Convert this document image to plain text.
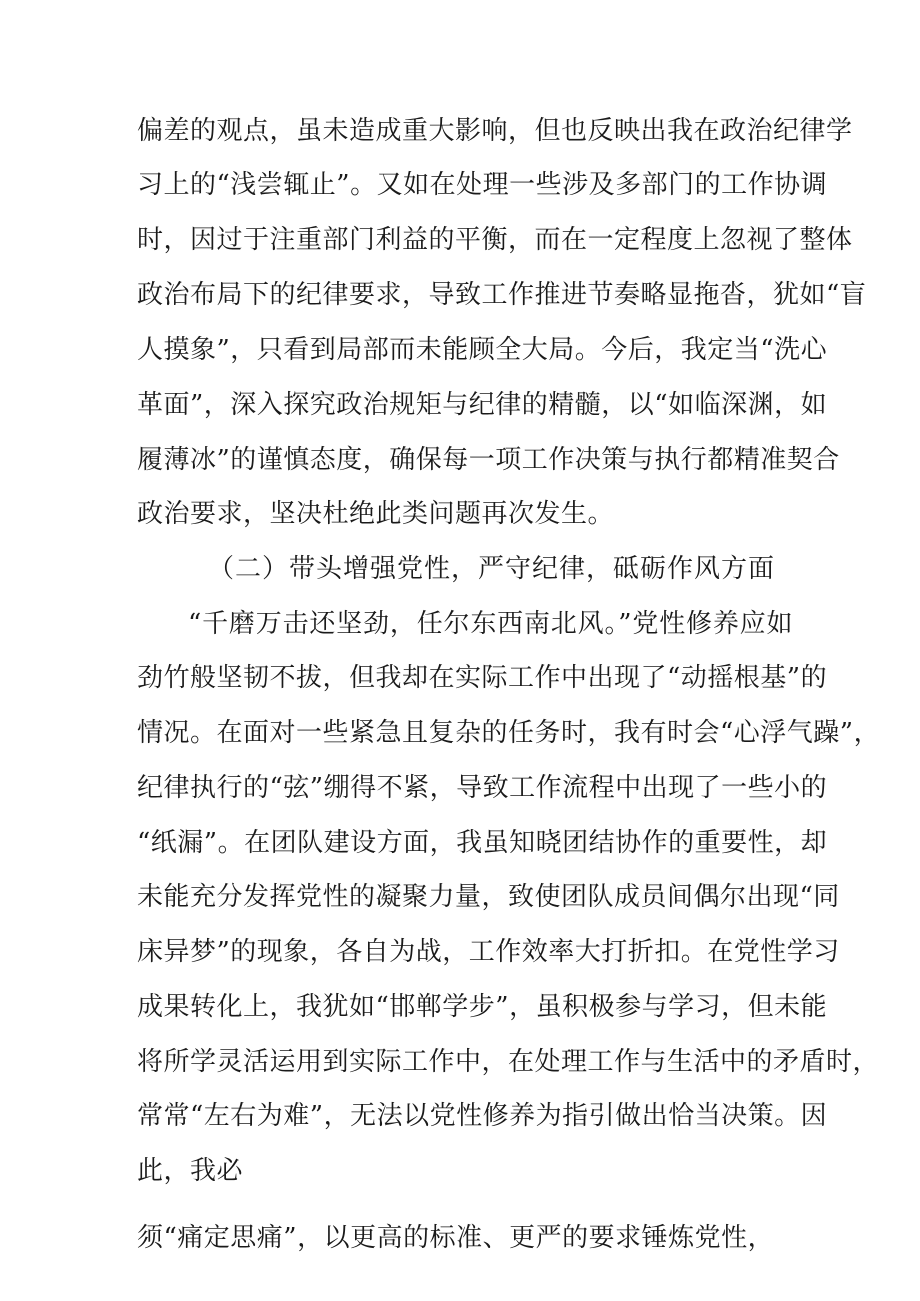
偏差的观点，虽未造成重大影响，但也反映出我在政治纪律学
习上的“浅尝辄止”。又如在处理一些涉及多部门的工作协调
时，因过于注重部门利益的平衡，而在一定程度上忽视了整体
政治布局下的纪律要求，导致工作推进节奏略显拖沓，犹如“盲
人摸象”，只看到局部而未能顾全大局。今后，我定当“洗心
革面”，深入探究政治规矩与纪律的精髓，以“如临深渊，如
履薄冰”的谨慎态度，确保每一项工作决策与执行都精准契合
政治要求，坚决杜绝此类问题再次发生。
（二）带头增强党性，严守纪律，砥砺作风方面
“千磨万击还坚劲，任尔东西南北风。”党性修养应如
劲竹般坚韧不拔，但我却在实际工作中出现了“动摇根基”的
情况。在面对一些紧急且复杂的任务时，我有时会“心浮气躁”，
纪律执行的“弦”绷得不紧，导致工作流程中出现了一些小的
“纸漏”。在团队建设方面，我虽知晓团结协作的重要性，却
未能充分发挥党性的凝聚力量，致使团队成员间偶尔出现“同
床异梦”的现象，各自为战，工作效率大打折扣。在党性学习
成果转化上，我犹如“邯郸学步”，虽积极参与学习，但未能
将所学灵活运用到实际工作中，在处理工作与生活中的矛盾时，
常常“左右为难”，无法以党性修养为指引做出恰当决策。因
此，我必
须“痛定思痛”，以更高的标准、更严的要求锤炼党性，
